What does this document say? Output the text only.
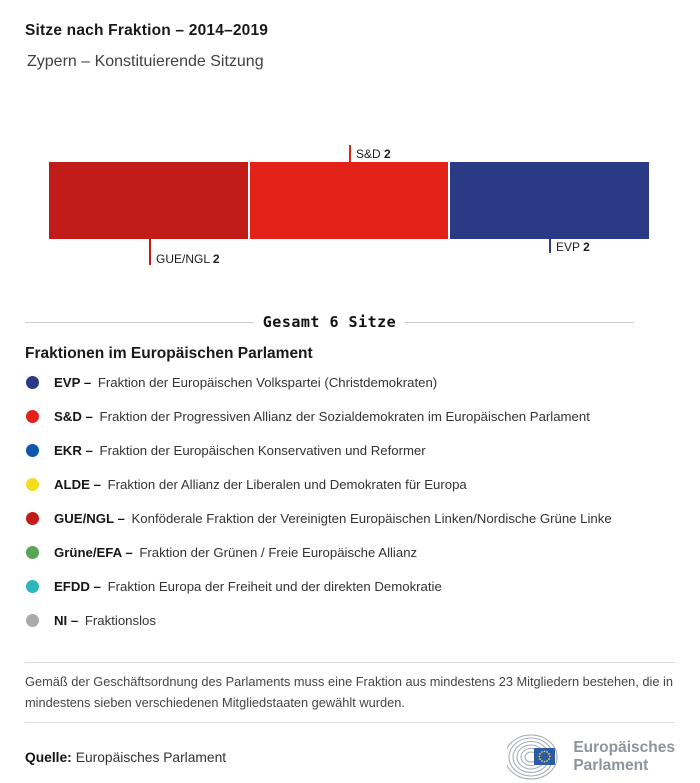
Sitze nach Fraktion – 2014–2019
Zypern – Konstituierende Sitzung
GUE/NGL 2
S&D 2
EVP 2
Gesamt 6 Sitze
Fraktionen im Europäischen Parlament
EVP – Fraktion der Europäischen Volkspartei (Christdemokraten)
S&D – Fraktion der Progressiven Allianz der Sozialdemokraten im Europäischen Parlament
EKR – Fraktion der Europäischen Konservativen und Reformer
ALDE – Fraktion der Allianz der Liberalen und Demokraten für Europa
GUE/NGL – Konföderale Fraktion der Vereinigten Europäischen Linken/Nordische Grüne Linke
Grüne/EFA – Fraktion der Grünen / Freie Europäische Allianz
EFDD – Fraktion Europa der Freiheit und der direkten Demokratie
NI – Fraktionslos

Gemäß der Geschäftsordnung des Parlaments muss eine Fraktion aus mindestens 23 Mitgliedern bestehen, die in mindestens sieben verschiedenen Mitgliedstaaten gewählt wurden.

Quelle: Europäisches Parlament
Europäisches
Parlament
